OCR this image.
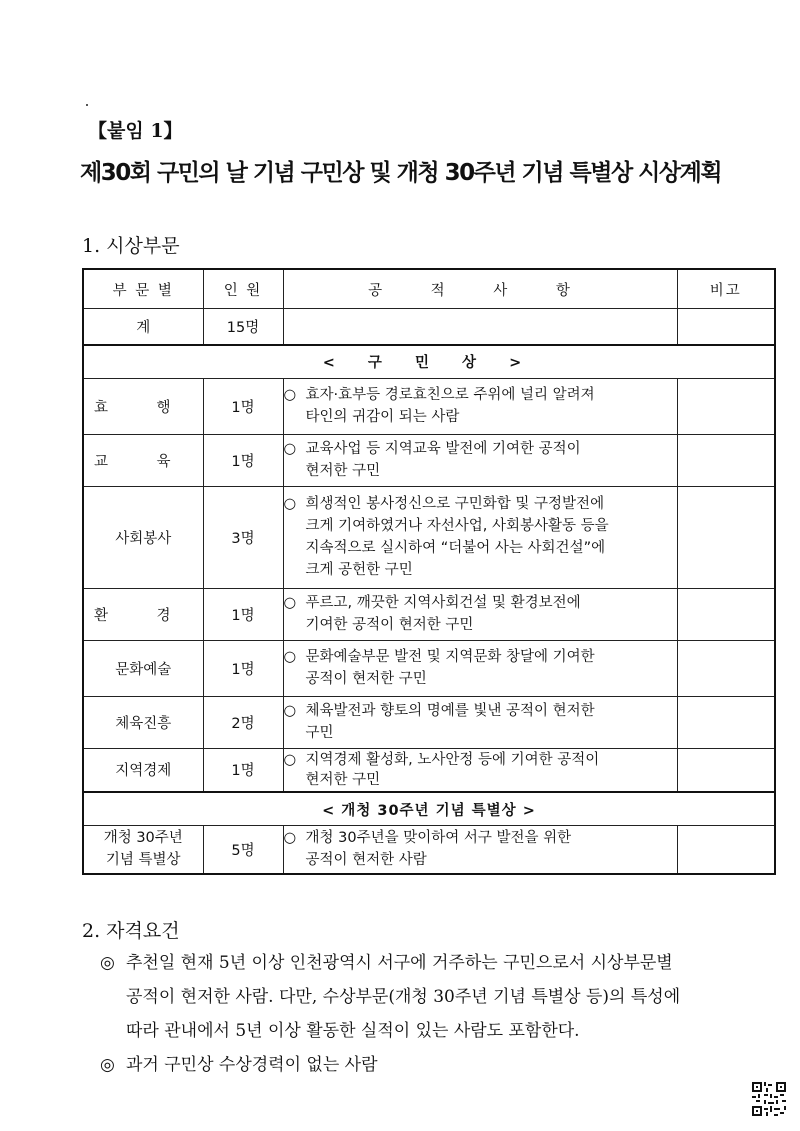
【붙임 1】
제30회 구민의 날 기념 구민상 및 개청 30주년 기념 특별상 시상계획
1. 시상부문
부 문 별	인 원	공 적 사 항	비고
계	15명		
< 구 민 상 >			
효 행	1명	○ 효자·효부등 경로효친으로 주위에 널리 알려져
타인의 귀감이 되는 사람	

교 육	1명	○ 교육사업 등 지역교육 발전에 기여한 공적이
현저한 구민	

사회봉사	3명	○ 희생적인 봉사정신으로 구민화합 및 구정발전에
크게 기여하였거나 자선사업, 사회봉사활동 등을
지속적으로 실시하여 “더불어 사는 사회건설”에
크게 공헌한 구민	

환 경	1명	○ 푸르고, 깨끗한 지역사회건설 및 환경보전에
기여한 공적이 현저한 구민	

문화예술	1명	○ 문화예술부문 발전 및 지역문화 창달에 기여한
공적이 현저한 구민	

체육진흥	2명	○ 체육발전과 향토의 명예를 빛낸 공적이 현저한
구민	

지역경제	1명	○ 지역경제 활성화, 노사안정 등에 기여한 공적이
현저한 구민	

< 개청 30주년 기념 특별상 >			
개청 30주년
기념 특별상	5명	○ 개청 30주년을 맞이하여 서구 발전을 위한
공적이 현저한 사람	

2. 자격요건
◎ 추천일 현재 5년 이상 인천광역시 서구에 거주하는 구민으로서 시상부문별
공적이 현저한 사람. 다만, 수상부문(개청 30주년 기념 특별상 등)의 특성에
따라 관내에서 5년 이상 활동한 실적이 있는 사람도 포함한다.
◎ 과거 구민상 수상경력이 없는 사람
